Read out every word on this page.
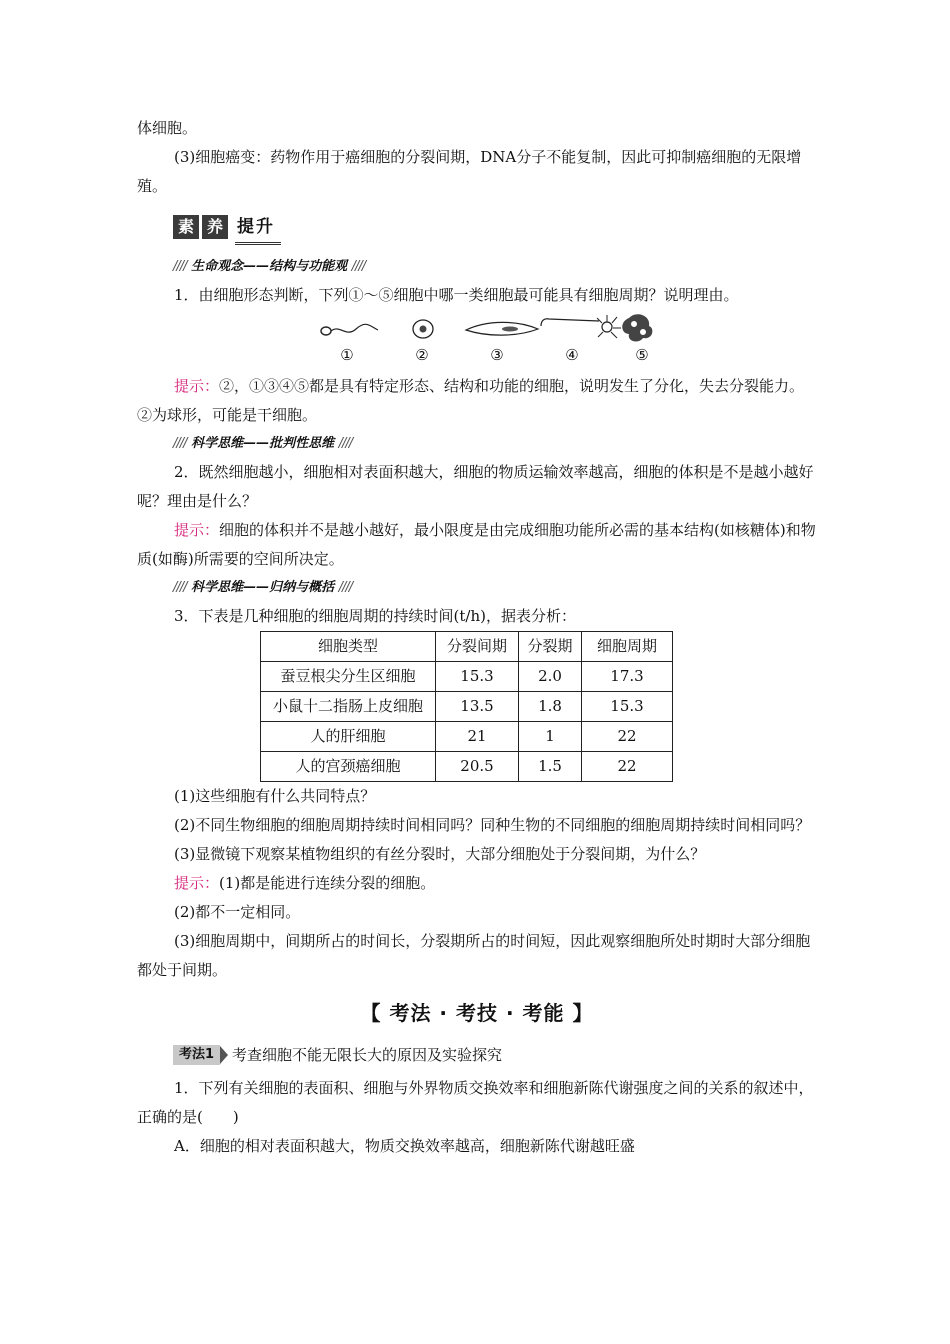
体细胞。

(3)细胞癌变：药物作用于癌细胞的分裂间期，DNA分子不能复制，因此可抑制癌细胞的无限增殖。

素 养 提升
//// 生命观念——结构与功能观 ////

1．由细胞形态判断，下列①～⑤细胞中哪一类细胞最可能具有细胞周期？说明理由。

①	②	③	④	⑤

提示：②，①③④⑤都是具有特定形态、结构和功能的细胞，说明发生了分化，失去分裂能力。②为球形，可能是干细胞。

//// 科学思维——批判性思维 ////

2．既然细胞越小，细胞相对表面积越大，细胞的物质运输效率越高，细胞的体积是不是越小越好呢？理由是什么？

提示：细胞的体积并不是越小越好，最小限度是由完成细胞功能所必需的基本结构(如核糖体)和物质(如酶)所需要的空间所决定。

//// 科学思维——归纳与概括 ////

3．下表是几种细胞的细胞周期的持续时间(t/h)，据表分析：

细胞类型	分裂间期	分裂期	细胞周期
蚕豆根尖分生区细胞	15.3	2.0	17.3
小鼠十二指肠上皮细胞	13.5	1.8	15.3
人的肝细胞	21	1	22
人的宫颈癌细胞	20.5	1.5	22

(1)这些细胞有什么共同特点？

(2)不同生物细胞的细胞周期持续时间相同吗？同种生物的不同细胞的细胞周期持续时间相同吗？

(3)显微镜下观察某植物组织的有丝分裂时，大部分细胞处于分裂间期，为什么？

提示：(1)都是能进行连续分裂的细胞。

(2)都不一定相同。

(3)细胞周期中，间期所占的时间长，分裂期所占的时间短，因此观察细胞所处时期时大部分细胞都处于间期。

【 考法 · 考技 · 考能 】
考法1	考查细胞不能无限长大的原因及实验探究

1．下列有关细胞的表面积、细胞与外界物质交换效率和细胞新陈代谢强度之间的关系的叙述中，正确的是(　　)

A．细胞的相对表面积越大，物质交换效率越高，细胞新陈代谢越旺盛
